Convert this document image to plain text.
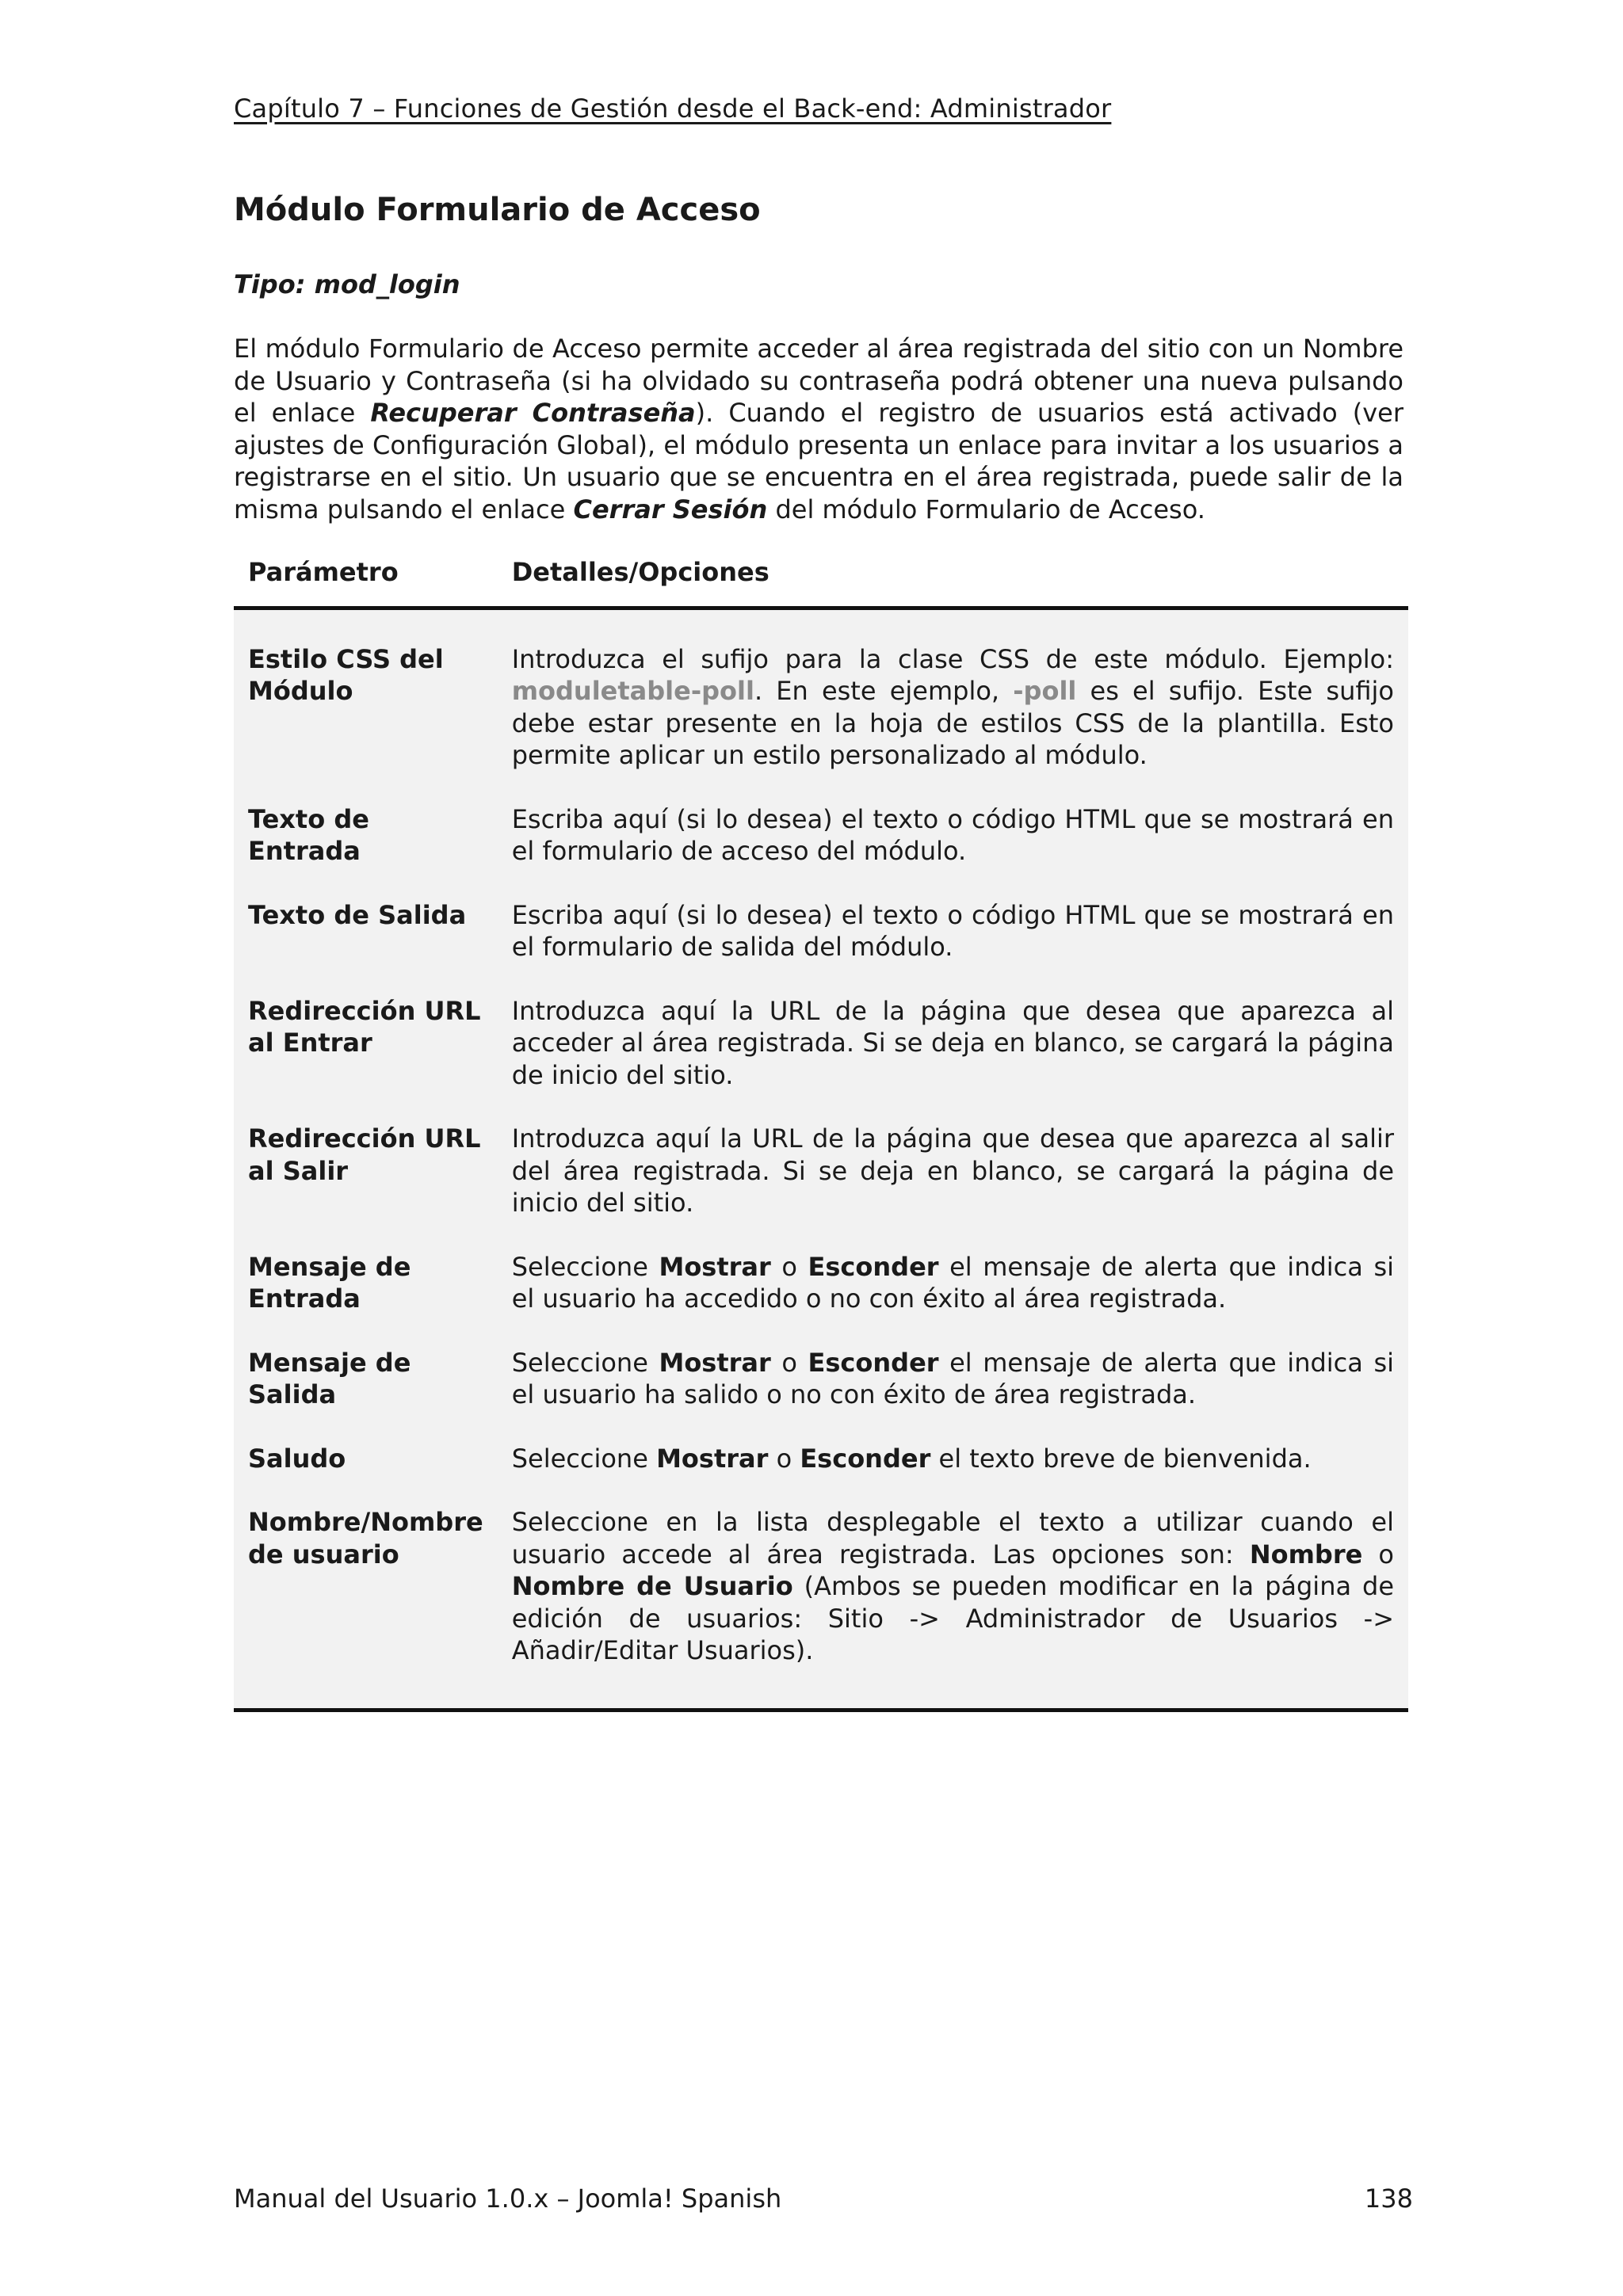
Capítulo 7 – Funciones de Gestión desde el Back-end: Administrador
Módulo Formulario de Acceso
Tipo: mod_login

El módulo Formulario de Acceso permite acceder al área registrada del sitio con un Nombre de Usuario y Contraseña (si ha olvidado su contraseña podrá obtener una nueva pulsando el enlace Recuperar Contraseña). Cuando el registro de usuarios está activado (ver ajustes de Configuración Global), el módulo presenta un enlace para invitar a los usuarios a registrarse en el sitio. Un usuario que se encuentra en el área registrada, puede salir de la misma pulsando el enlace Cerrar Sesión del módulo Formulario de Acceso.

Parámetro	Detalles/Opciones
Estilo CSS del Módulo	Introduzca el sufijo para la clase CSS de este módulo. Ejemplo: moduletable-poll. En este ejemplo, -poll es el sufijo. Este sufijo debe estar presente en la hoja de estilos CSS de la plantilla. Esto permite aplicar un estilo personalizado al módulo.
Texto de Entrada	Escriba aquí (si lo desea) el texto o código HTML que se mostrará en el formulario de acceso del módulo.
Texto de Salida	Escriba aquí (si lo desea) el texto o código HTML que se mostrará en el formulario de salida del módulo.
Redirección URL al Entrar	Introduzca aquí la URL de la página que desea que aparezca al acceder al área registrada. Si se deja en blanco, se cargará la página de inicio del sitio.
Redirección URL al Salir	Introduzca aquí la URL de la página que desea que aparezca al salir del área registrada. Si se deja en blanco, se cargará la página de inicio del sitio.
Mensaje de Entrada	Seleccione Mostrar o Esconder el mensaje de alerta que indica si el usuario ha accedido o no con éxito al área registrada.
Mensaje de Salida	Seleccione Mostrar o Esconder el mensaje de alerta que indica si el usuario ha salido o no con éxito de área registrada.
Saludo	Seleccione Mostrar o Esconder el texto breve de bienvenida.
Nombre/Nombre de usuario	Seleccione en la lista desplegable el texto a utilizar cuando el usuario accede al área registrada. Las opciones son: Nombre o Nombre de Usuario (Ambos se pueden modificar en la página de edición de usuarios: Sitio -> Administrador de Usuarios -> Añadir/Editar Usuarios).
Manual del Usuario 1.0.x – Joomla! Spanish	138
